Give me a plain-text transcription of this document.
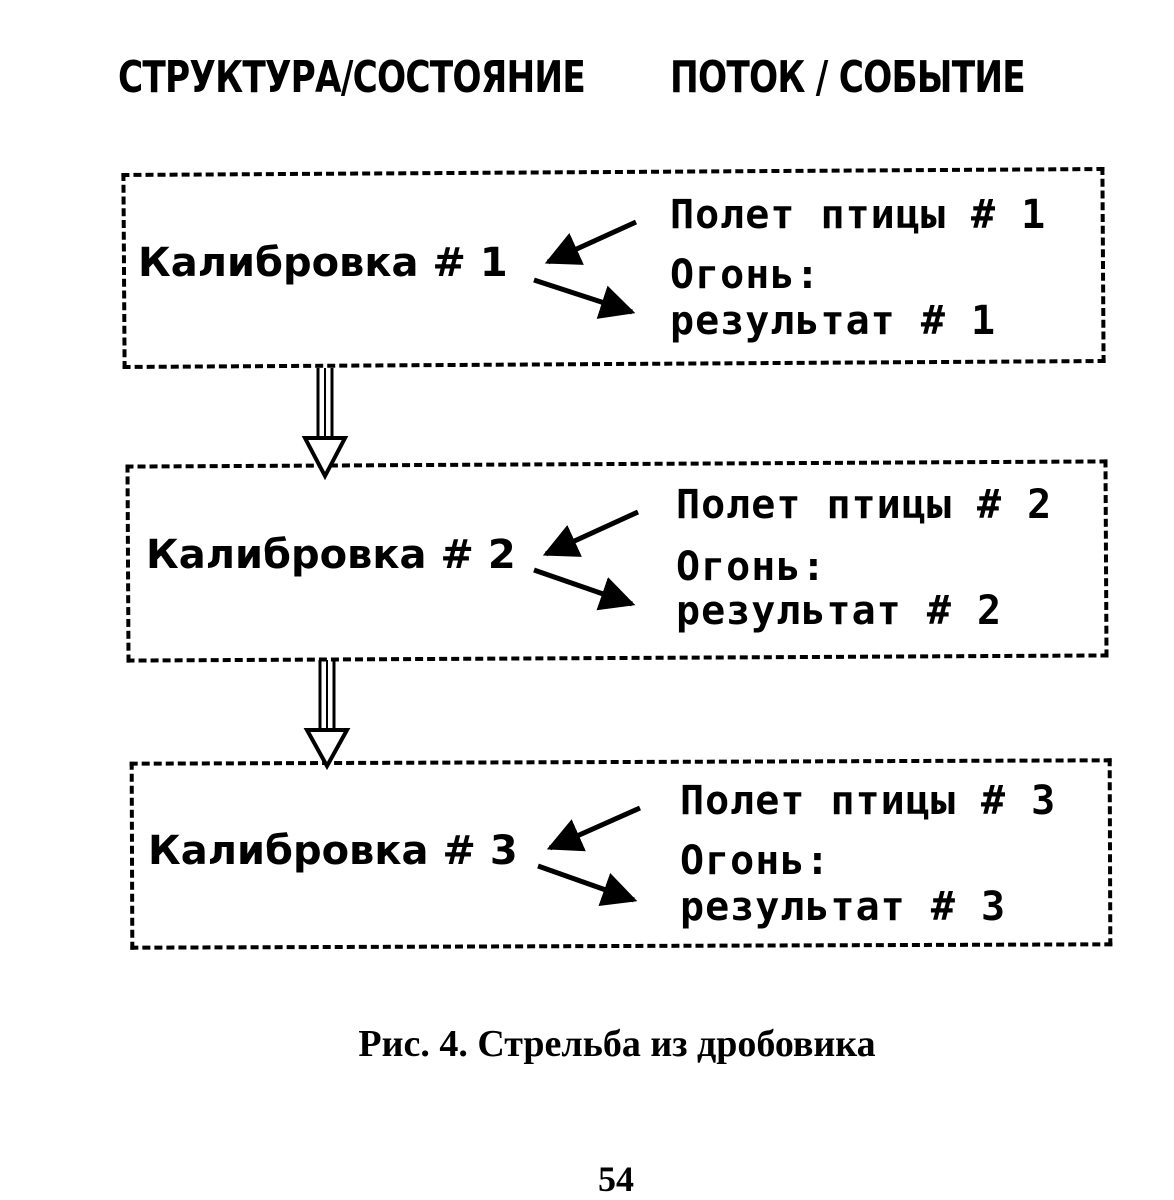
СТРУКТУРА/СОСТОЯНИЕ ПОТОК / СОБЫТИЕ
Калибровка # 1
Полет птицы # 1
Огонь:
результат # 1
Калибровка # 2
Полет птицы # 2
Огонь:
результат # 2
Калибровка # 3
Полет птицы # 3
Огонь:
результат # 3
Рис. 4. Стрельба из дробовика
54
